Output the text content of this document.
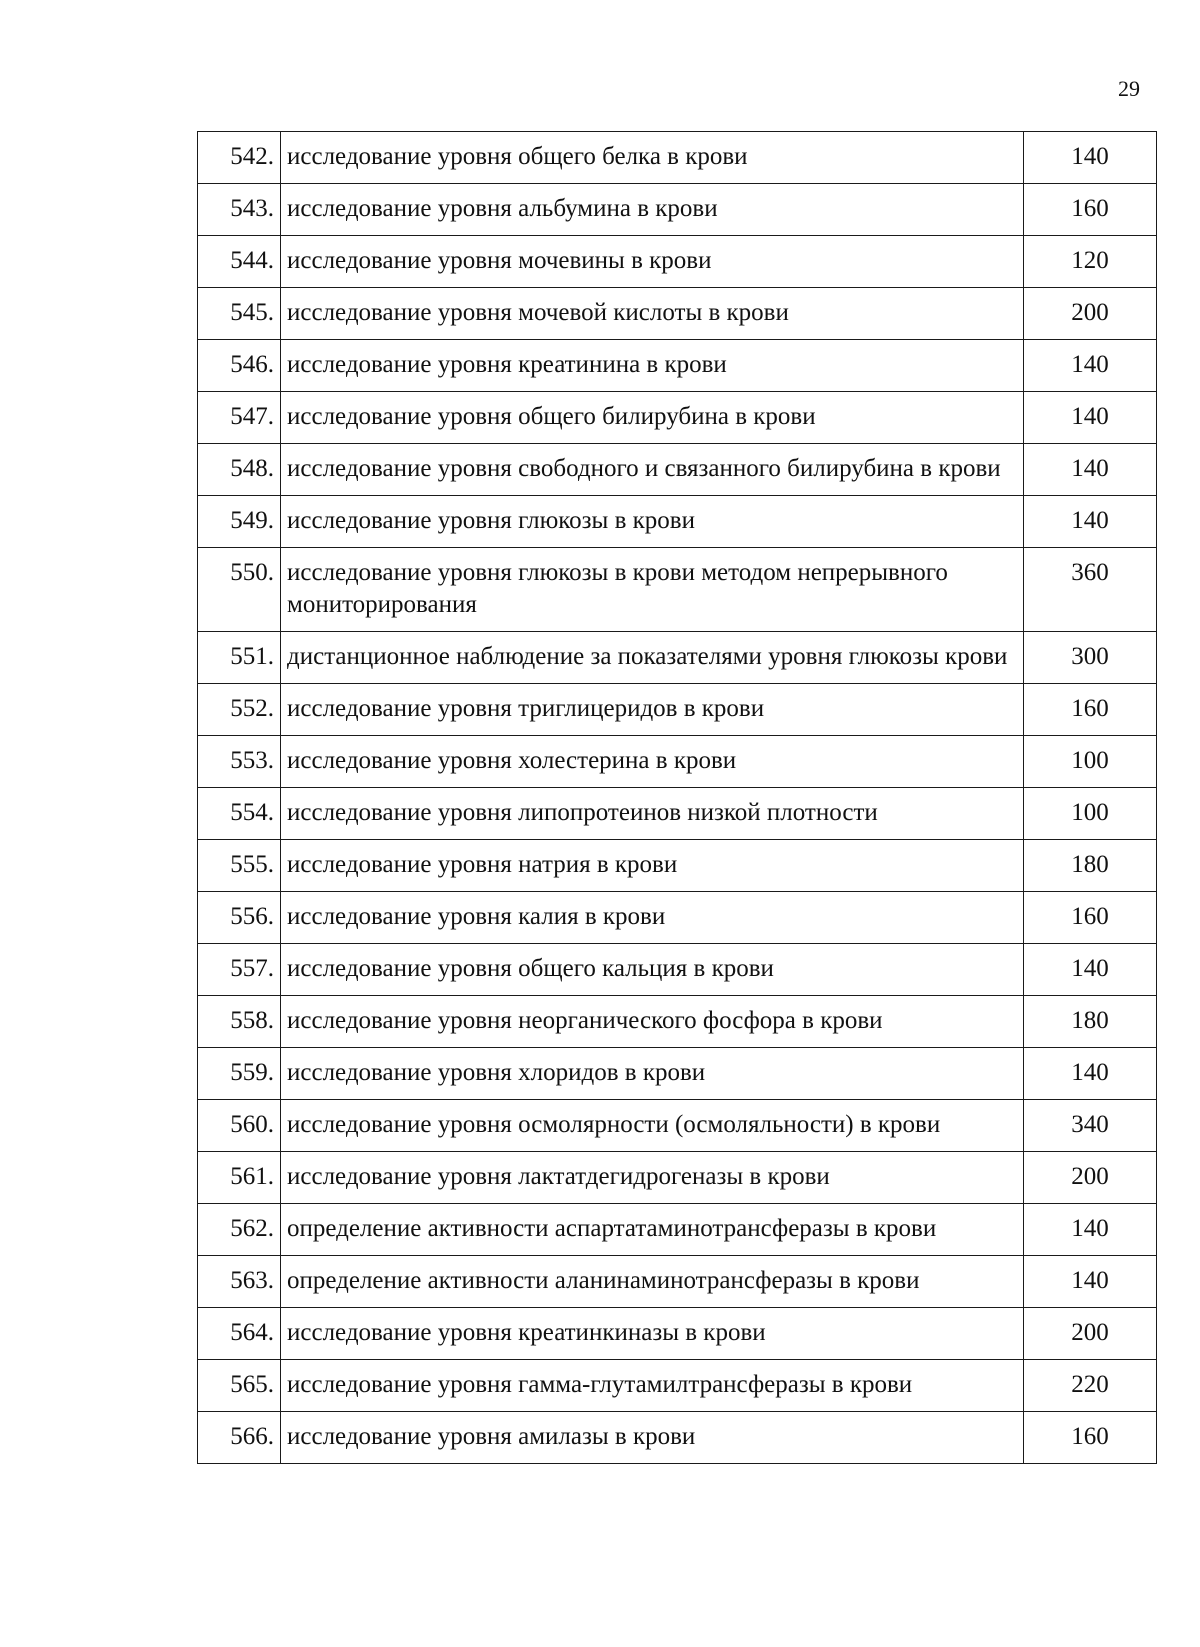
29
542.	исследование уровня общего белка в крови	140
543.	исследование уровня альбумина в крови	160
544.	исследование уровня мочевины в крови	120
545.	исследование уровня мочевой кислоты в крови	200
546.	исследование уровня креатинина в крови	140
547.	исследование уровня общего билирубина в крови	140
548.	исследование уровня свободного и связанного билирубина в крови	140
549.	исследование уровня глюкозы в крови	140
550.	исследование уровня глюкозы в крови методом непрерывного мониторирования	360
551.	дистанционное наблюдение за показателями уровня глюкозы крови	300
552.	исследование уровня триглицеридов в крови	160
553.	исследование уровня холестерина в крови	100
554.	исследование уровня липопротеинов низкой плотности	100
555.	исследование уровня натрия в крови	180
556.	исследование уровня калия в крови	160
557.	исследование уровня общего кальция в крови	140
558.	исследование уровня неорганического фосфора в крови	180
559.	исследование уровня хлоридов в крови	140
560.	исследование уровня осмолярности (осмоляльности) в крови	340
561.	исследование уровня лактатдегидрогеназы в крови	200
562.	определение активности аспартатаминотрансферазы в крови	140
563.	определение активности аланинаминотрансферазы в крови	140
564.	исследование уровня креатинкиназы в крови	200
565.	исследование уровня гамма-глутамилтрансферазы в крови	220
566.	исследование уровня амилазы в крови	160
